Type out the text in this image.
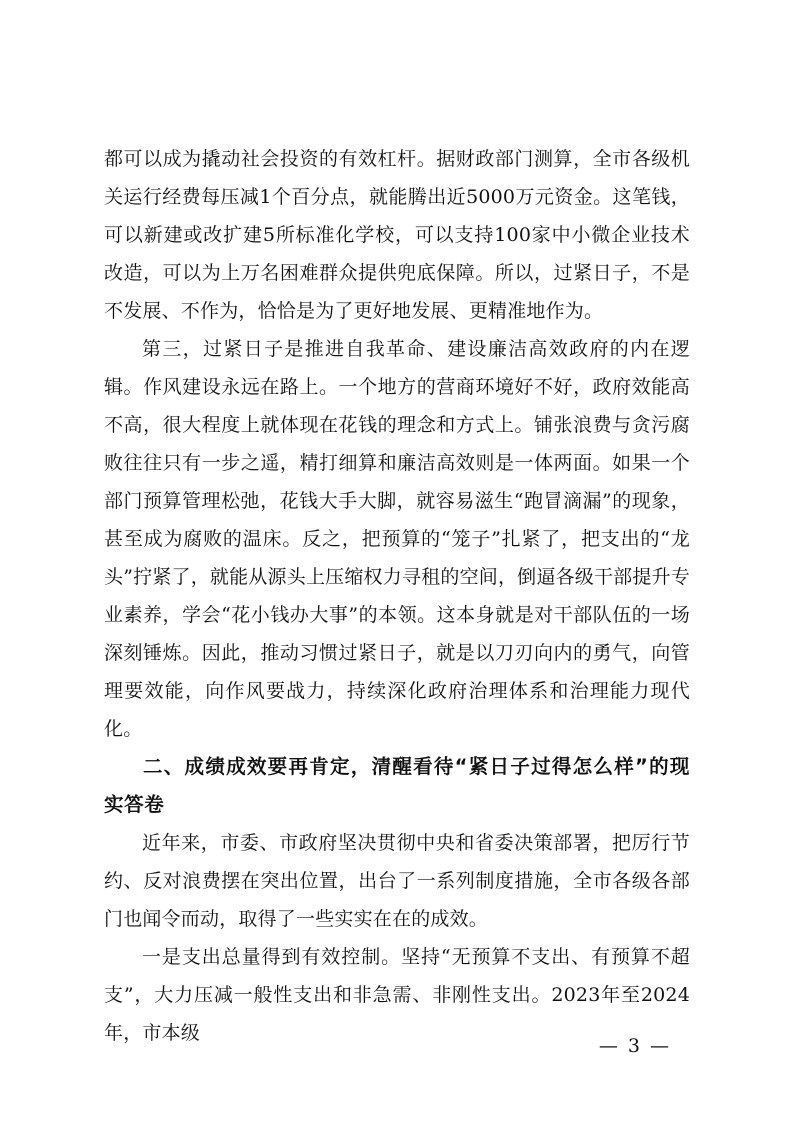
都可以成为撬动社会投资的有效杠杆。据财政部门测算，全市各级机关运行经费每压减1个百分点，就能腾出近5000万元资金。这笔钱，可以新建或改扩建5所标准化学校，可以支持100家中小微企业技术改造，可以为上万名困难群众提供兜底保障。所以，过紧日子，不是不发展、不作为，恰恰是为了更好地发展、更精准地作为。

第三，过紧日子是推进自我革命、建设廉洁高效政府的内在逻辑。作风建设永远在路上。一个地方的营商环境好不好，政府效能高不高，很大程度上就体现在花钱的理念和方式上。铺张浪费与贪污腐败往往只有一步之遥，精打细算和廉洁高效则是一体两面。如果一个部门预算管理松弛，花钱大手大脚，就容易滋生“跑冒滴漏”的现象，甚至成为腐败的温床。反之，把预算的“笼子”扎紧了，把支出的“龙头”拧紧了，就能从源头上压缩权力寻租的空间，倒逼各级干部提升专业素养，学会“花小钱办大事”的本领。这本身就是对干部队伍的一场深刻锤炼。因此，推动习惯过紧日子，就是以刀刃向内的勇气，向管理要效能，向作风要战力，持续深化政府治理体系和治理能力现代化。

二、成绩成效要再肯定，清醒看待“紧日子过得怎么样”的现实答卷

近年来，市委、市政府坚决贯彻中央和省委决策部署，把厉行节约、反对浪费摆在突出位置，出台了一系列制度措施，全市各级各部门也闻令而动，取得了一些实实在在的成效。

一是支出总量得到有效控制。坚持“无预算不支出、有预算不超支”，大力压减一般性支出和非急需、非刚性支出。2023年至2024年，市本级

— 3 —
